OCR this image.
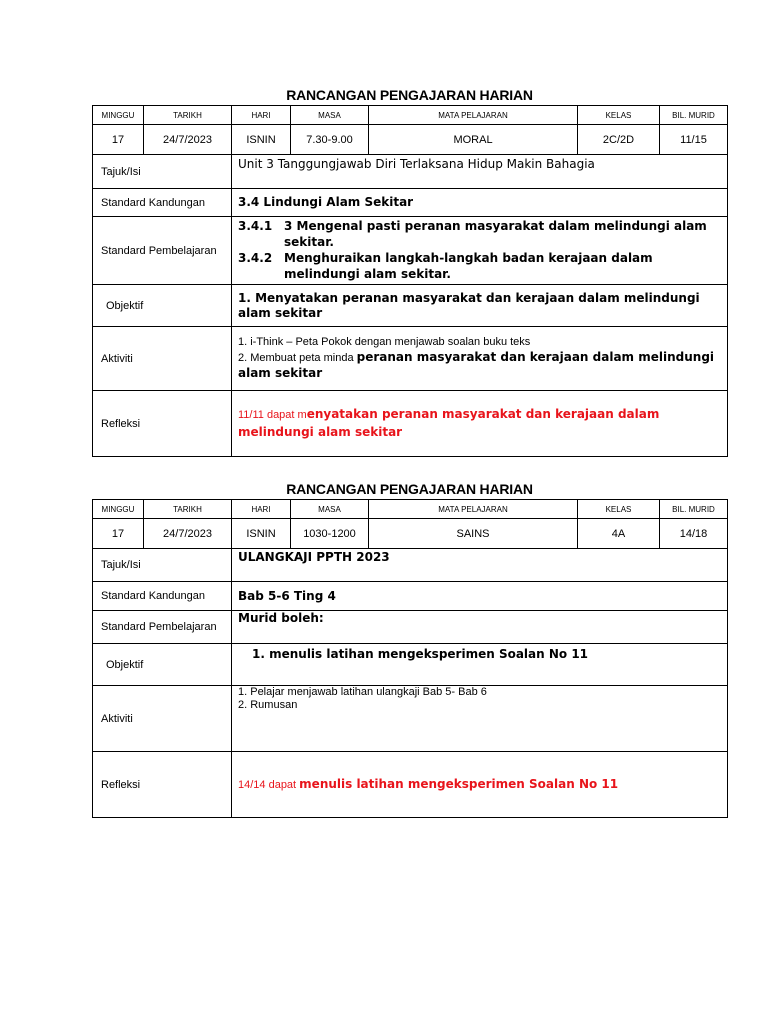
RANCANGAN PENGAJARAN HARIAN
MINGGU	TARIKH	HARI	MASA	MATA PELAJARAN	KELAS	BIL. MURID
17	24/7/2023	ISNIN	7.30-9.00	MORAL	2C/2D	11/15
Tajuk/Isi		Unit 3 Tanggungjawab Diri Terlaksana Hidup Makin Bahagia				
Standard Kandungan		3.4 Lindungi Alam Sekitar				
Standard Pembelajaran		3.4.1 3 Mengenal pasti peranan masyarakat dalam melindungi alam sekitar.
3.4.2 Menghuraikan langkah-langkah badan kerajaan dalam melindungi alam sekitar.				

Objektif		1. Menyatakan peranan masyarakat dan kerajaan dalam melindungi alam sekitar				
Aktiviti		1. i-Think – Peta Pokok dengan menjawab soalan buku teks
2. Membuat peta minda peranan masyarakat dan kerajaan dalam melindungi alam sekitar				

Refleksi		11/11 dapat menyatakan peranan masyarakat dan kerajaan dalam melindungi alam sekitar				
RANCANGAN PENGAJARAN HARIAN
MINGGU	TARIKH	HARI	MASA	MATA PELAJARAN	KELAS	BIL. MURID
17	24/7/2023	ISNIN	1030-1200	SAINS	4A	14/18
Tajuk/Isi		ULANGKAJI PPTH 2023				
Standard Kandungan		Bab 5-6 Ting 4				
Standard Pembelajaran		Murid boleh:				
Objektif		1. menulis latihan mengeksperimen Soalan No 11				
Aktiviti		1. Pelajar menjawab latihan ulangkaji Bab 5- Bab 6
2. Rumusan				

Refleksi		14/14 dapat menulis latihan mengeksperimen Soalan No 11				
